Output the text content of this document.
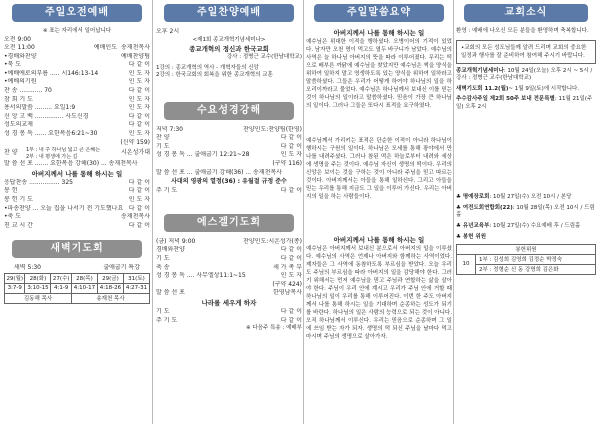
주일오전예배
※ 표는 자리에서 일어납니다
오전 9:00
오전 11:00	예배인도 송재천목사
•경배와찬양	예배찬양팀
•묵 도	다 같 이
•예배에로의부름 ..... 시146:13-14	인 도 자
•예배의기원	인 도 자
찬 송 ............ 70	다 같 이
참 회 기 도	인 도 자
용서의말씀 ......... 요일1:9	인 도 자
신 앙 고 백 ............... 사도신경	다 같 이
성도의교제	다 같 이
성 경 봉 독 ...... 요한복음6:21~30	인 도 자
(신약 159)
찬 양	1부 : 내 주 하나님 넓고 큰 은혜는
2부 : 내 평생에 가는 길
시온성가대
말 씀 선 포 ....... 요한복음 강해(30) ... 송재천목사
아버지께서 나를 통해 하시는 일
응답찬송 ................ 325	다 같 이
봉 헌	다 같 이
봉 헌 기 도	인 도 자
•파송찬양 ... 오늘 집을 나서기 전 기도했나요 다 같 이
•축 도	송재천목사
친 교 시 간	다 같 이
새벽기도회
새벽 5:30	출애굽기 특강
29(월)	28(화)	27(수)	28(목)	29(금)	31(토)
3:7-9	3:10-15	4:1-9	4:10-17	4:18-26	4:27-31
김동해 목사			송재천 목사		
주일찬양예배
오후 2시
<제1회 종교개혁기념세미나>
종교개혁의 정신과 한국교회
강사 : 정병근 교수(한남대학교)
1강의 : 종교개혁의 역사 - 개혁자들의 신앙
2강의 : 한국교회의 회복을 위한 종교개혁의 교훈
수요성경강해
저녁 7:30	찬양인도:찬양팀(한영)
찬 양	다 같 이
기 도	다 같 이
성 경 봉 독 ... 출애굽기 12:21~28	인 도 자
(구약 116)
말 씀 선 포 ... 출애굽기 강해(36) ... 송재천목사
사대의 영광의 열정(36) : 유월절 규정 준수
주 기 도	다 같 이
에스겔기도회
(금) 저녁 9:00	찬양인도:시온성가(종)
경배와찬양	다 같 이
기 도	다 같 이
축 송	세 가 족 부
성 경 봉 독 .... 사무엘상11:1~15	인 도 자
(구약 424)
말 씀 선 포	한영남목사
나라를 세우게 하자
기 도	다 같 이
주 기 도	다 같 이
※ 다음주 특송 : 예배부
주일말씀요약
아버지께서 나를 통해 하시는 일
예수님은 위대한 이적을 행하셨다. 오병이어의 기적이 있었다. 남자만 오천 명이 먹고도 열두 바구니가 남았다. 예수님의 사역은 늘 하나님 아버지의 뜻을 따라 이루어졌다. 무리는 떡으로 배부른 까닭에 예수님을 찾았지만 예수님은 썩을 양식을 위하여 일하지 말고 영생하도록 있는 양식을 위하여 일하라고 말씀하셨다. 그들은 우리가 어떻게 하여야 하나님의 일을 하오리이까라고 물었다. 예수님은 하나님께서 보내신 이를 믿는 것이 하나님의 일이라고 말씀하셨다. 믿음이 가장 큰 하나님의 일이다. 그러나 그들은 또다시 표적을 요구하였다.
예수님께서 가리키는 표적은 단순한 이적이 아니라 하나님이 행하시는 구원의 일이다. 하나님은 모세를 통해 광야에서 만나를 내려주셨다. 그러나 참된 떡은 하늘로부터 내려와 세상에 생명을 주는 것이다. 예수님 자신이 생명의 떡이다. 우리의 신앙은 보이는 것을 구하는 것이 아니라 주님을 믿고 따르는 것이다. 아버지께서는 아들을 통해 일하신다. 그리고 아들을 믿는 우리를 통해 지금도 그 일을 이루어 가신다. 우리는 아버지의 일을 하는 사람들이다.
아버지께서 나를 통해 하시는 일
예수님은 아버지께서 보내신 분으로서 아버지의 일을 이루셨다. 예수님의 사역은 언제나 아버지와 함께하는 사역이었다. 제자들은 그 사역에 동참하도록 부르심을 받았다. 오늘 우리도 주님의 부르심을 따라 아버지의 일을 감당해야 한다. 그러기 위해서는 먼저 예수님을 믿고 주님과 연합하는 삶을 살아야 한다. 주님이 우리 안에 계시고 우리가 주님 안에 거할 때 하나님의 일이 우리를 통해 이루어진다. 이번 한 주도 아버지께서 나를 통해 하시는 일을 기대하며 순종하는 성도가 되기를 바란다. 하나님의 일은 사람의 능력으로 되는 것이 아니다. 오직 하나님께서 이루신다. 우리는 믿음으로 순종하며 그 일에 쓰임 받는 자가 되자. 생명의 떡 되신 주님을 날마다 먹고 마시며 주님의 생명으로 살아가자.
교회소식
환영 : 예배에 나오신 모든 분들을 환영하며 축복합니다.
•교회의 모든 성도님들께 알려 드리며 교회의 중요한 일정과 행사를 잘 준비하여 참여해 주시기 바랍니다.
종교개혁기념세미나: 10월 24일(오늘) 오후 2시 ~ 5시 / 강사 : 정병근 교수(한남대학교)
새벽기도회 11.2(월)~ 1월 9일(토)에 시작합니다.
추수감사주일 제2회 50주 보내 전문특별: 11월 21일(주일) 오후 2시
♣ 명예장로회: 10월 27일(수) 오전 10시 / 본당
♣ 여전도회연합회(22): 10월 28일(목) 오전 10시 / 드림홀
♣ 유년교육부: 10월 27일(수) 수요예배 후 / 드림홀
♣ 봉헌 위원
봉헌위원
10	1부 : 김성희 김영희 김정순 박정숙
2부 : 정형순 신 동 강명희 김은화
